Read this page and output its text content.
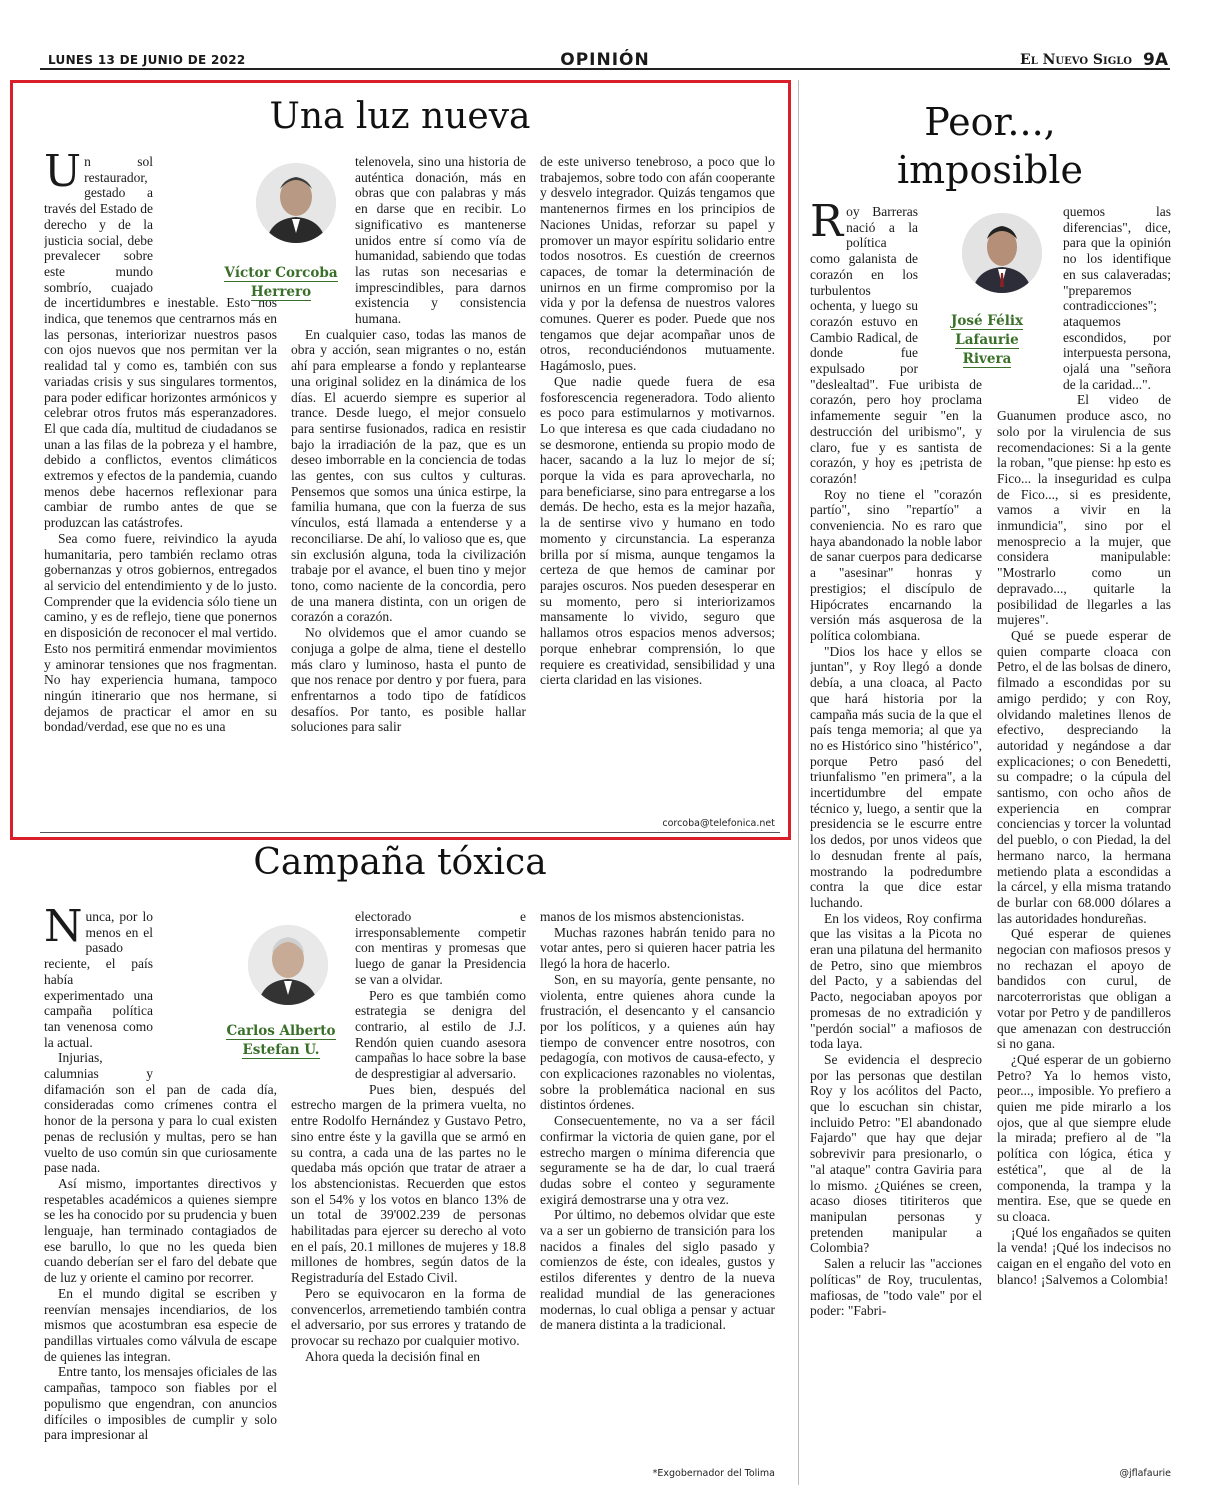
LUNES 13 DE JUNIO DE 2022	OPINIÓN	El Nuevo Siglo 9A
Una luz nueva

Un sol restaurador, gestado a través del Estado de derecho y de la justicia social, debe prevalecer sobre este mundo sombrío, cuajado de incertidumbres e inestable. Esto nos indica, que tenemos que centrarnos más en las personas, interiorizar nuestros pasos con ojos nuevos que nos permitan ver la realidad tal y como es, también con sus variadas crisis y sus singulares tormentos, para poder edificar horizontes armónicos y celebrar otros frutos más esperanzadores. El que cada día, multitud de ciudadanos se unan a las filas de la pobreza y el hambre, debido a conflictos, eventos climáticos extremos y efectos de la pandemia, cuando menos debe hacernos reflexionar para cambiar de rumbo antes de que se produzcan las catástrofes.

Sea como fuere, reivindico la ayuda humanitaria, pero también reclamo otras gobernanzas y otros gobiernos, entregados al servicio del entendimiento y de lo justo. Comprender que la evidencia sólo tiene un camino, y es de reflejo, tiene que ponernos en disposición de reconocer el mal vertido. Esto nos permitirá enmendar movimientos y aminorar tensiones que nos fragmentan. No hay experiencia humana, tampoco ningún itinerario que nos hermane, si dejamos de practicar el amor en su bondad/verdad, ese que no es una

Víctor Corcoba Herrero

telenovela, sino una historia de auténtica donación, más en obras que con palabras y más en darse que en recibir. Lo significativo es mantenerse unidos entre sí como vía de humanidad, sabiendo que todas las rutas son necesarias e imprescindibles, para darnos existencia y consistencia humana.

En cualquier caso, todas las manos de obra y acción, sean migrantes o no, están ahí para emplearse a fondo y replantearse una original solidez en la dinámica de los días. El acuerdo siempre es superior al trance. Desde luego, el mejor consuelo para sentirse fusionados, radica en resistir bajo la irradiación de la paz, que es un deseo imborrable en la conciencia de todas las gentes, con sus cultos y culturas. Pensemos que somos una única estirpe, la familia humana, que con la fuerza de sus vínculos, está llamada a entenderse y a reconciliarse. De ahí, lo valioso que es, que sin exclusión alguna, toda la civilización trabaje por el avance, el buen tino y mejor tono, como naciente de la concordia, pero de una manera distinta, con un origen de corazón a corazón.

No olvidemos que el amor cuando se conjuga a golpe de alma, tiene el destello más claro y luminoso, hasta el punto de que nos renace por dentro y por fuera, para enfrentarnos a todo tipo de fatídicos desafíos. Por tanto, es posible hallar soluciones para salir

de este universo tenebroso, a poco que lo trabajemos, sobre todo con afán cooperante y desvelo integrador. Quizás tengamos que mantenernos firmes en los principios de Naciones Unidas, reforzar su papel y promover un mayor espíritu solidario entre todos nosotros. Es cuestión de creernos capaces, de tomar la determinación de unirnos en un firme compromiso por la vida y por la defensa de nuestros valores comunes. Querer es poder. Puede que nos tengamos que dejar acompañar unos de otros, reconduciéndonos mutuamente. Hagámoslo, pues.

Que nadie quede fuera de esa fosforescencia regeneradora. Todo aliento es poco para estimularnos y motivarnos. Lo que interesa es que cada ciudadano no se desmorone, entienda su propio modo de hacer, sacando a la luz lo mejor de sí; porque la vida es para aprovecharla, no para beneficiarse, sino para entregarse a los demás. De hecho, esta es la mejor hazaña, la de sentirse vivo y humano en todo momento y circunstancia. La esperanza brilla por sí misma, aunque tengamos la certeza de que hemos de caminar por parajes oscuros. Nos pueden desesperar en su momento, pero si interiorizamos mansamente lo vivido, seguro que hallamos otros espacios menos adversos; porque enhebrar comprensión, lo que requiere es creatividad, sensibilidad y una cierta claridad en las visiones.

corcoba@telefonica.net
Campaña tóxica

Nunca, por lo menos en el pasado reciente, el país había experimentado una campaña política tan venenosa como la actual.

Injurias, calumnias y difamación son el pan de cada día, consideradas como crímenes contra el honor de la persona y para lo cual existen penas de reclusión y multas, pero se han vuelto de uso común sin que curiosamente pase nada.

Así mismo, importantes directivos y respetables académicos a quienes siempre se les ha conocido por su prudencia y buen lenguaje, han terminado contagiados de ese barullo, lo que no les queda bien cuando deberían ser el faro del debate que de luz y oriente el camino por recorrer.

En el mundo digital se escriben y reenvían mensajes incendiarios, de los mismos que acostumbran esa especie de pandillas virtuales como válvula de escape de quienes las integran.

Entre tanto, los mensajes oficiales de las campañas, tampoco son fiables por el populismo que engendran, con anuncios difíciles o imposibles de cumplir y solo para impresionar al

Carlos Alberto Estefan U.

electorado e irresponsablemente competir con mentiras y promesas que luego de ganar la Presidencia se van a olvidar.

Pero es que también como estrategia se denigra del contrario, al estilo de J.J. Rendón quien cuando asesora campañas lo hace sobre la base de desprestigiar al adversario.

Pues bien, después del estrecho margen de la primera vuelta, no entre Rodolfo Hernández y Gustavo Petro, sino entre éste y la gavilla que se armó en su contra, a cada una de las partes no le quedaba más opción que tratar de atraer a los abstencionistas. Recuerden que estos son el 54% y los votos en blanco 13% de un total de 39'002.239 de personas habilitadas para ejercer su derecho al voto en el país, 20.1 millones de mujeres y 18.8 millones de hombres, según datos de la Registraduría del Estado Civil.

Pero se equivocaron en la forma de convencerlos, arremetiendo también contra el adversario, por sus errores y tratando de provocar su rechazo por cualquier motivo.

Ahora queda la decisión final en

manos de los mismos abstencionistas.

Muchas razones habrán tenido para no votar antes, pero si quieren hacer patria les llegó la hora de hacerlo.

Son, en su mayoría, gente pensante, no violenta, entre quienes ahora cunde la frustración, el desencanto y el cansancio por los políticos, y a quienes aún hay tiempo de convencer entre nosotros, con pedagogía, con motivos de causa-efecto, y con explicaciones razonables no violentas, sobre la problemática nacional en sus distintos órdenes.

Consecuentemente, no va a ser fácil confirmar la victoria de quien gane, por el estrecho margen o mínima diferencia que seguramente se ha de dar, lo cual traerá dudas sobre el conteo y seguramente exigirá demostrarse una y otra vez.

Por último, no debemos olvidar que este va a ser un gobierno de transición para los nacidos a finales del siglo pasado y comienzos de éste, con ideales, gustos y estilos diferentes y dentro de la nueva realidad mundial de las generaciones modernas, lo cual obliga a pensar y actuar de manera distinta a la tradicional.

*Exgobernador del Tolima
Peor..., imposible

Roy Barreras nació a la política como galanista de corazón en los turbulentos ochenta, y luego su corazón estuvo en Cambio Radical, de donde fue expulsado por "deslealtad". Fue uribista de corazón, pero hoy proclama infamemente seguir "en la destrucción del uribismo", y claro, fue y es santista de corazón, y hoy es ¡petrista de corazón!

Roy no tiene el "corazón partío", sino "repartío" a conveniencia. No es raro que haya abandonado la noble labor de sanar cuerpos para dedicarse a "asesinar" honras y prestigios; el discípulo de Hipócrates encarnando la versión más asquerosa de la política colombiana.

"Dios los hace y ellos se juntan", y Roy llegó a donde debía, a una cloaca, al Pacto que hará historia por la campaña más sucia de la que el país tenga memoria; al que ya no es Histórico sino "histérico", porque Petro pasó del triunfalismo "en primera", a la incertidumbre del empate técnico y, luego, a sentir que la presidencia se le escurre entre los dedos, por unos videos que lo desnudan frente al país, mostrando la podredumbre contra la que dice estar luchando.

En los videos, Roy confirma que las visitas a la Picota no eran una pilatuna del hermanito de Petro, sino que miembros del Pacto, y a sabiendas del Pacto, negociaban apoyos por promesas de no extradición y "perdón social" a mafiosos de toda laya.

Se evidencia el desprecio por las personas que destilan Roy y los acólitos del Pacto, que lo escuchan sin chistar, incluido Petro: "El abandonado Fajardo" que hay que dejar sobrevivir para presionarlo, o "al ataque" contra Gaviria para lo mismo. ¿Quiénes se creen, acaso dioses titiriteros que manipulan personas y pretenden manipular a Colombia?

Salen a relucir las "acciones políticas" de Roy, truculentas, mafiosas, de "todo vale" por el poder: "Fabri-

José Félix Lafaurie Rivera

quemos las diferencias", dice, para que la opinión no los identifique en sus calaveradas; "preparemos contradicciones"; ataquemos escondidos, por interpuesta persona, ojalá una "señora de la caridad...".

El video de Guanumen produce asco, no solo por la virulencia de sus recomendaciones: Si a la gente la roban, "que piense: hp esto es Fico... la inseguridad es culpa de Fico..., si es presidente, vamos a vivir en la inmundicia", sino por el menosprecio a la mujer, que considera manipulable: "Mostrarlo como un depravado..., quitarle la posibilidad de llegarles a las mujeres".

Qué se puede esperar de quien comparte cloaca con Petro, el de las bolsas de dinero, filmado a escondidas por su amigo perdido; y con Roy, olvidando maletines llenos de efectivo, despreciando la autoridad y negándose a dar explicaciones; o con Benedetti, su compadre; o la cúpula del santismo, con ocho años de experiencia en comprar conciencias y torcer la voluntad del pueblo, o con Piedad, la del hermano narco, la hermana metiendo plata a escondidas a la cárcel, y ella misma tratando de burlar con 68.000 dólares a las autoridades hondureñas.

Qué esperar de quienes negocian con mafiosos presos y no rechazan el apoyo de bandidos con curul, de narcoterroristas que obligan a votar por Petro y de pandilleros que amenazan con destrucción si no gana.

¿Qué esperar de un gobierno Petro? Ya lo hemos visto, peor..., imposible. Yo prefiero a quien me pide mirarlo a los ojos, que al que siempre elude la mirada; prefiero al de "la política con lógica, ética y estética", que al de la componenda, la trampa y la mentira. Ese, que se quede en su cloaca.

¡Qué los engañados se quiten la venda! ¡Qué los indecisos no caigan en el engaño del voto en blanco! ¡Salvemos a Colombia!

@jflafaurie
